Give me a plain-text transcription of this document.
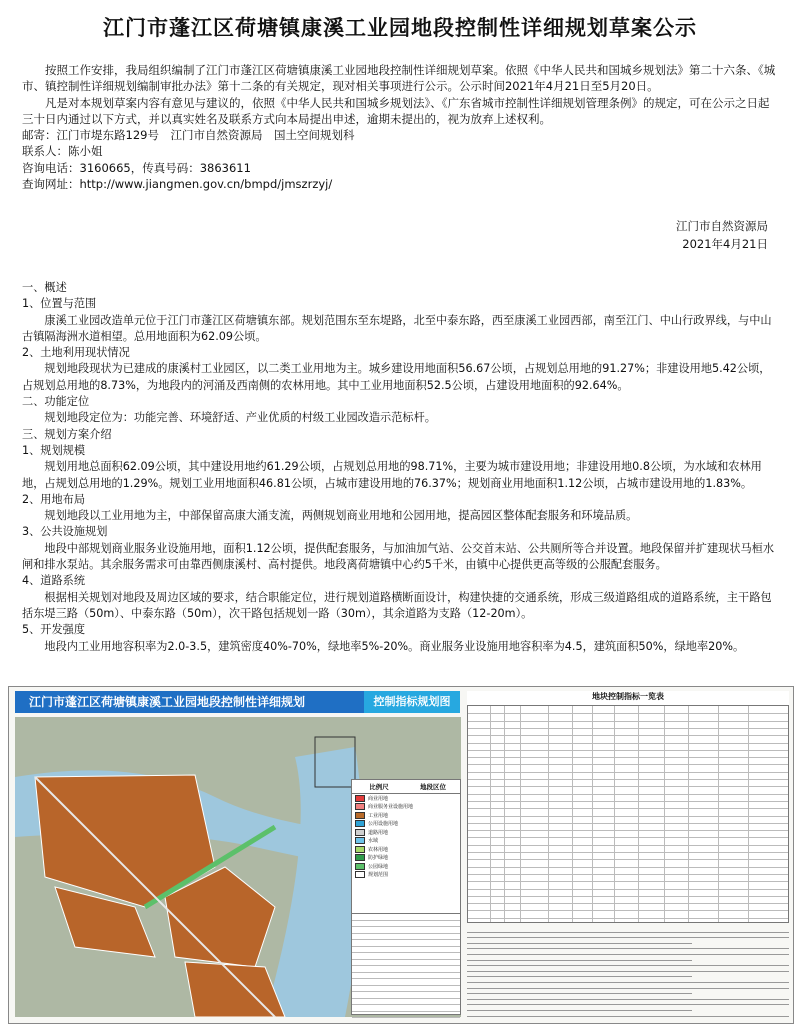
江门市蓬江区荷塘镇康溪工业园地段控制性详细规划草案公示

按照工作安排，我局组织编制了江门市蓬江区荷塘镇康溪工业园地段控制性详细规划草案。依照《中华人民共和国城乡规划法》第二十六条、《城市、镇控制性详细规划编制审批办法》第十二条的有关规定，现对相关事项进行公示。公示时间2021年4月21日至5月20日。

凡是对本规划草案内容有意见与建议的，依照《中华人民共和国城乡规划法》、《广东省城市控制性详细规划管理条例》的规定，可在公示之日起三十日内通过以下方式，并以真实姓名及联系方式向本局提出申述，逾期未提出的，视为放弃上述权利。

邮寄：江门市堤东路129号　江门市自然资源局　国土空间规划科

联系人：陈小姐

咨询电话：3160665，传真号码：3863611

查询网址：http://www.jiangmen.gov.cn/bmpd/jmszrzyj/

江门市自然资源局
2021年4月21日

一、概述

1、位置与范围

康溪工业园改造单元位于江门市蓬江区荷塘镇东部。规划范围东至东堤路，北至中泰东路，西至康溪工业园西部，南至江门、中山行政界线，与中山古镇隔海洲水道相望。总用地面积为62.09公顷。

2、土地利用现状情况

规划地段现状为已建成的康溪村工业园区，以二类工业用地为主。城乡建设用地面积56.67公顷，占规划总用地的91.27%；非建设用地5.42公顷，占规划总用地的8.73%，为地段内的河涌及西南侧的农林用地。其中工业用地面积52.5公顷，占建设用地面积的92.64%。

二、功能定位

规划地段定位为：功能完善、环境舒适、产业优质的村级工业园改造示范标杆。

三、规划方案介绍

1、规划规模

规划用地总面积62.09公顷，其中建设用地约61.29公顷，占规划总用地的98.71%，主要为城市建设用地；非建设用地0.8公顷，为水域和农林用地，占规划总用地的1.29%。规划工业用地面积46.81公顷，占城市建设用地的76.37%；规划商业用地面积1.12公顷，占城市建设用地的1.83%。

2、用地布局

规划地段以工业用地为主，中部保留高康大涌支流，两侧规划商业用地和公园用地，提高园区整体配套服务和环境品质。

3、公共设施规划

地段中部规划商业服务业设施用地，面积1.12公顷，提供配套服务，与加油加气站、公交首末站、公共厕所等合并设置。地段保留并扩建现状马桓水闸和排水泵站。其余服务需求可由靠西侧康溪村、高村提供。地段离荷塘镇中心约5千米，由镇中心提供更高等级的公服配套服务。

4、道路系统

根据相关规划对地段及周边区域的要求，结合职能定位，进行规划道路横断面设计，构建快捷的交通系统，形成三级道路组成的道路系统，主干路包括东堤三路（50m）、中泰东路（50m），次干路包括规划一路（30m），其余道路为支路（12-20m）。

5、开发强度

地段内工业用地容积率为2.0-3.5，建筑密度40%-70%，绿地率5%-20%。商业服务业设施用地容积率为4.5，建筑面积50%，绿地率20%。

江门市蓬江区荷塘镇康溪工业园地段控制性详细规划	控制指标规划图
比例尺	地段区位
商业用地
商业服务业设施用地
工业用地
公用设施用地
道路用地
水域
农林用地
防护绿地
公园绿地
规划范围
地块控制指标一览表
